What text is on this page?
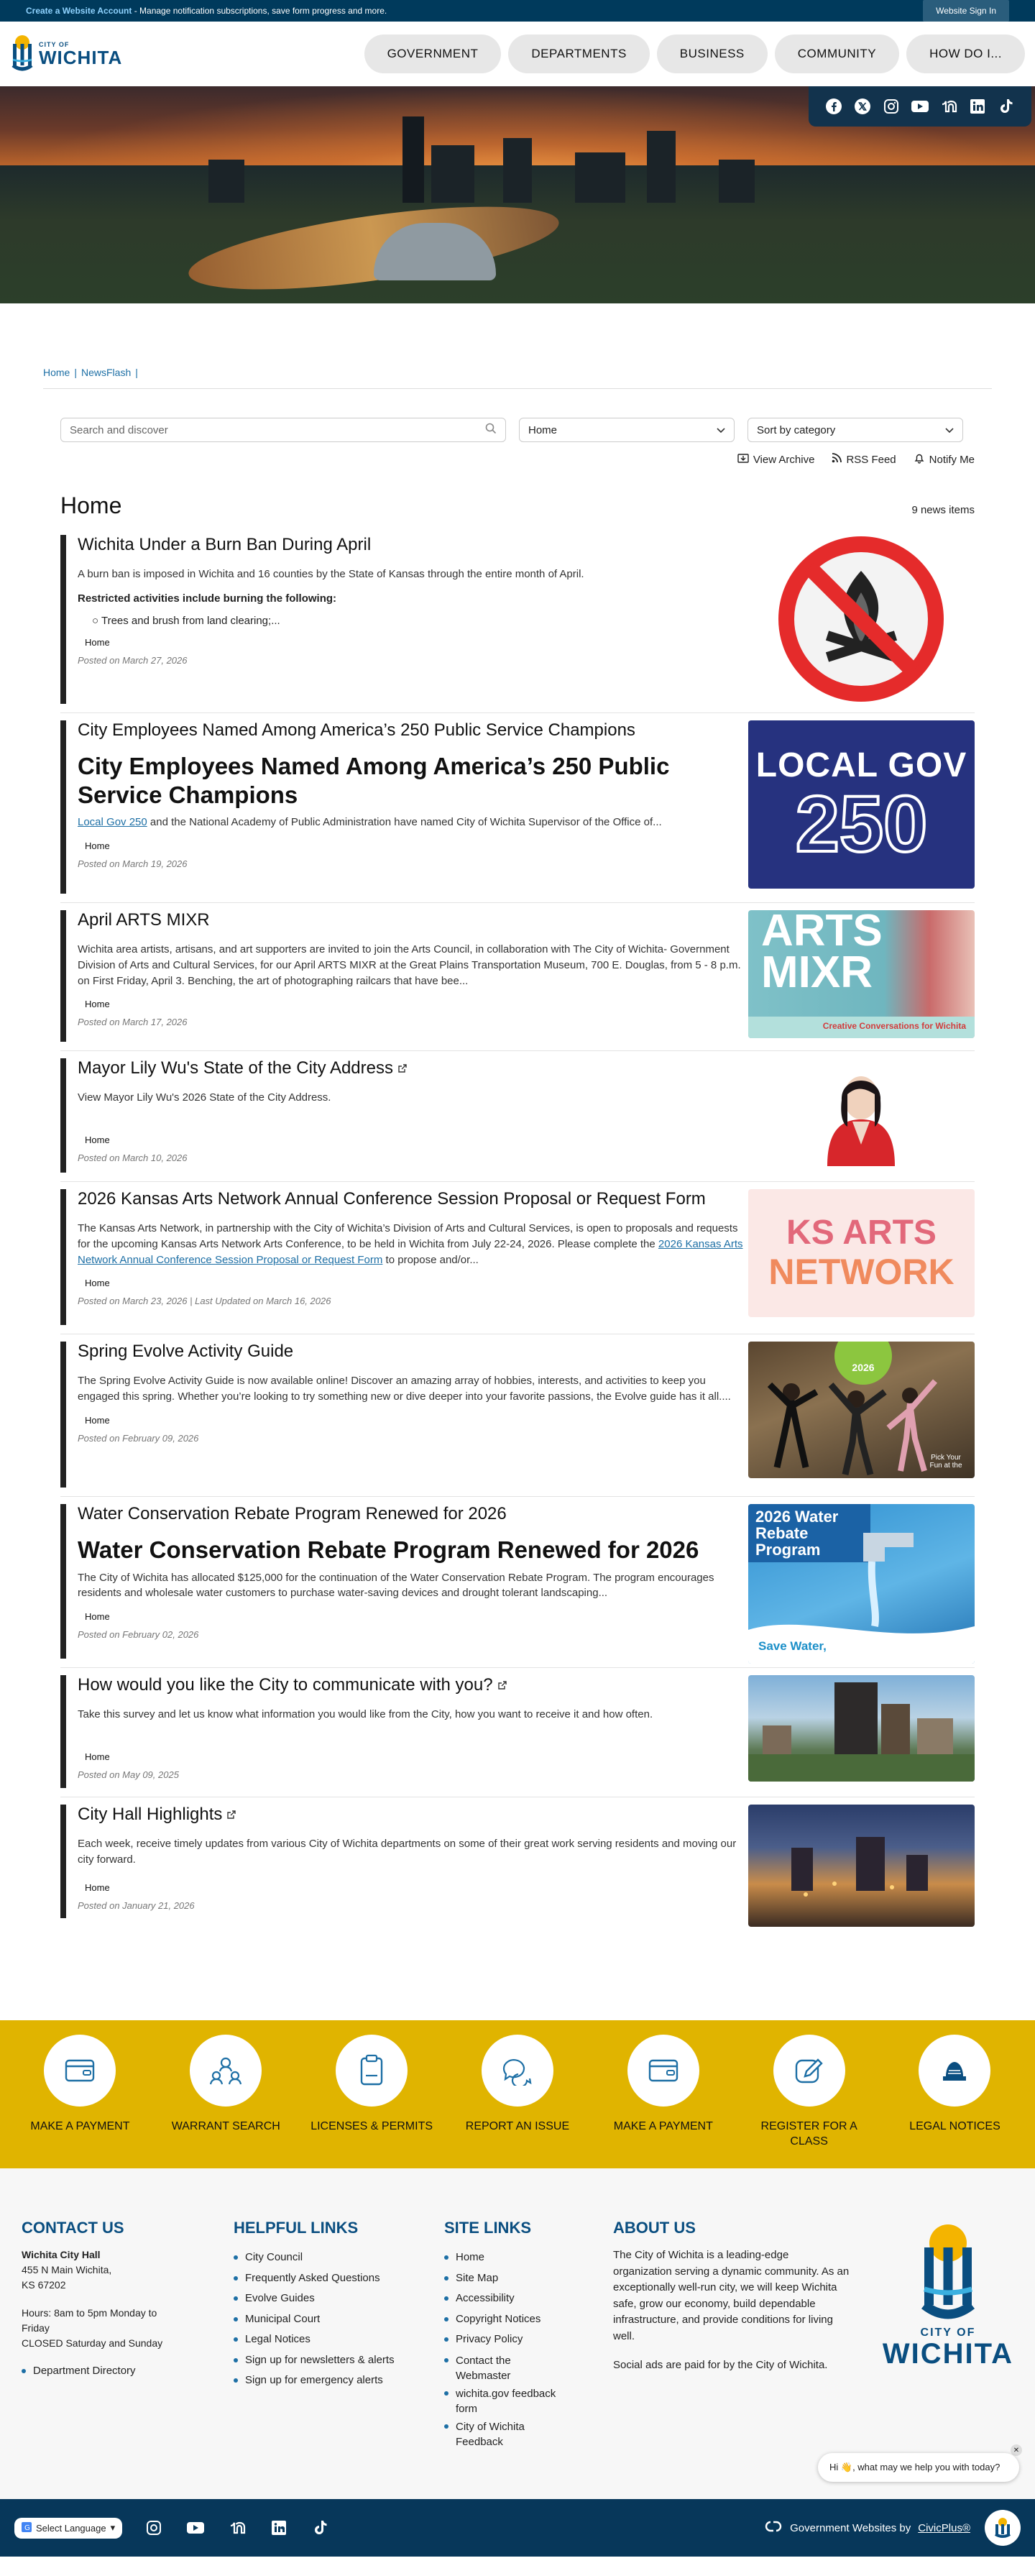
Create a Website Account - Manage notification subscriptions, save form progress and more.	Website Sign In
CITY OF
WICHITA	GOVERNMENT	DEPARTMENTS	BUSINESS	COMMUNITY	HOW DO I...
Home | NewsFlash |
Search and discover	Home	Sort by category
View Archive	RSS Feed	Notify Me
Home	9 news items
Wichita Under a Burn Ban During April
A burn ban is imposed in Wichita and 16 counties by the State of Kansas through the entire month of April.
Restricted activities include burning the following:
○ Trees and brush from land clearing;...
Home
Posted on March 27, 2026
City Employees Named Among America’s 250 Public Service Champions
City Employees Named Among America’s 250 Public Service Champions
Local Gov 250 and the National Academy of Public Administration have named City of Wichita Supervisor of the Office of...
Home
Posted on March 19, 2026
LOCAL GOV
250
April ARTS MIXR
Wichita area artists, artisans, and art supporters are invited to join the Arts Council, in collaboration with The City of Wichita- Government Division of Arts and Cultural Services, for our April ARTS MIXR at the Great Plains Transportation Museum, 700 E. Douglas, from 5 - 8 p.m. on First Friday, April 3. Benching, the art of photographing railcars that have bee...
Home
Posted on March 17, 2026
ARTS
MIXR
Creative Conversations for Wichita
Mayor Lily Wu's State of the City Address
View Mayor Lily Wu's 2026 State of the City Address.
Home
Posted on March 10, 2026
2026 Kansas Arts Network Annual Conference Session Proposal or Request Form
The Kansas Arts Network, in partnership with the City of Wichita’s Division of Arts and Cultural Services, is open to proposals and requests for the upcoming Kansas Arts Network Arts Conference, to be held in Wichita from July 22-24, 2026. Please complete the 2026 Kansas Arts Network Annual Conference Session Proposal or Request Form to propose and/or...
Home
Posted on March 23, 2026 | Last Updated on March 16, 2026
KS ARTS
NETWORK
Spring Evolve Activity Guide
The Spring Evolve Activity Guide is now available online! Discover an amazing array of hobbies, interests, and activities to keep you engaged this spring. Whether you’re looking to try something new or dive deeper into your favorite passions, the Evolve guide has it all....
Home
Posted on February 09, 2026
2026
Pick Your Fun at the
Water Conservation Rebate Program Renewed for 2026
Water Conservation Rebate Program Renewed for 2026
The City of Wichita has allocated $125,000 for the continuation of the Water Conservation Rebate Program. The program encourages residents and wholesale water customers to purchase water-saving devices and drought tolerant landscaping...
Home
Posted on February 02, 2026
2026 Water Rebate Program
Save Water,
How would you like the City to communicate with you?
Take this survey and let us know what information you would like from the City, how you want to receive it and how often.
Home
Posted on May 09, 2025
City Hall Highlights
Each week, receive timely updates from various City of Wichita departments on some of their great work serving residents and moving our city forward.
Home
Posted on January 21, 2026
MAKE A PAYMENT	WARRANT SEARCH	LICENSES & PERMITS	REPORT AN ISSUE	MAKE A PAYMENT	REGISTER FOR A CLASS
LEGAL NOTICES
CONTACT US
Wichita City Hall
455 N Main Wichita,
KS 67202
Hours: 8am to 5pm Monday to Friday
CLOSED Saturday and Sunday
Department Directory
HELPFUL LINKS
City Council
Frequently Asked Questions
Evolve Guides
Municipal Court
Legal Notices
Sign up for newsletters & alerts
Sign up for emergency alerts
SITE LINKS
Home
Site Map
Accessibility
Copyright Notices
Privacy Policy
Contact the Webmaster
wichita.gov feedback form
City of Wichita Feedback
ABOUT US
The City of Wichita is a leading-edge organization serving a dynamic community. As an exceptionally well-run city, we will keep Wichita safe, grow our economy, build dependable infrastructure, and provide conditions for living well.
Social ads are paid for by the City of Wichita.
CITY OF
WICHITA
✕
Hi 👋, what may we help you with today?
G Select Language ▾	Government Websites by CivicPlus®
